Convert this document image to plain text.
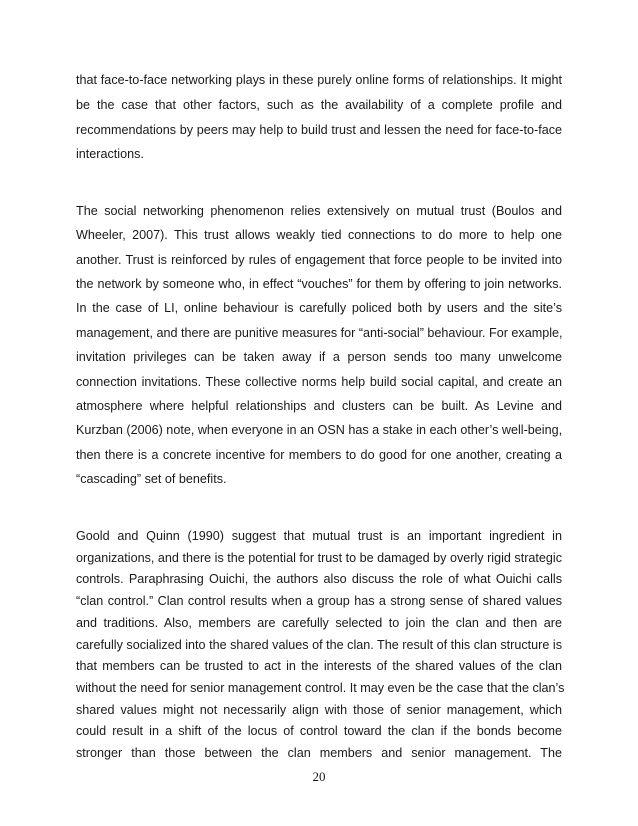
that face-to-face networking plays in these purely online forms of relationships. It might
be the case that other factors, such as the availability of a complete profile and
recommendations by peers may help to build trust and lessen the need for face-to-face
interactions.
The social networking phenomenon relies extensively on mutual trust (Boulos and
Wheeler, 2007). This trust allows weakly tied connections to do more to help one
another. Trust is reinforced by rules of engagement that force people to be invited into
the network by someone who, in effect “vouches” for them by offering to join networks.
In the case of LI, online behaviour is carefully policed both by users and the site’s
management, and there are punitive measures for “anti-social” behaviour. For example,
invitation privileges can be taken away if a person sends too many unwelcome
connection invitations. These collective norms help build social capital, and create an
atmosphere where helpful relationships and clusters can be built. As Levine and
Kurzban (2006) note, when everyone in an OSN has a stake in each other’s well-being,
then there is a concrete incentive for members to do good for one another, creating a
“cascading” set of benefits.
Goold and Quinn (1990) suggest that mutual trust is an important ingredient in
organizations, and there is the potential for trust to be damaged by overly rigid strategic
controls. Paraphrasing Ouichi, the authors also discuss the role of what Ouichi calls
“clan control.” Clan control results when a group has a strong sense of shared values
and traditions. Also, members are carefully selected to join the clan and then are
carefully socialized into the shared values of the clan. The result of this clan structure is
that members can be trusted to act in the interests of the shared values of the clan
without the need for senior management control. It may even be the case that the clan’s
shared values might not necessarily align with those of senior management, which
could result in a shift of the locus of control toward the clan if the bonds become
stronger than those between the clan members and senior management. The
20
